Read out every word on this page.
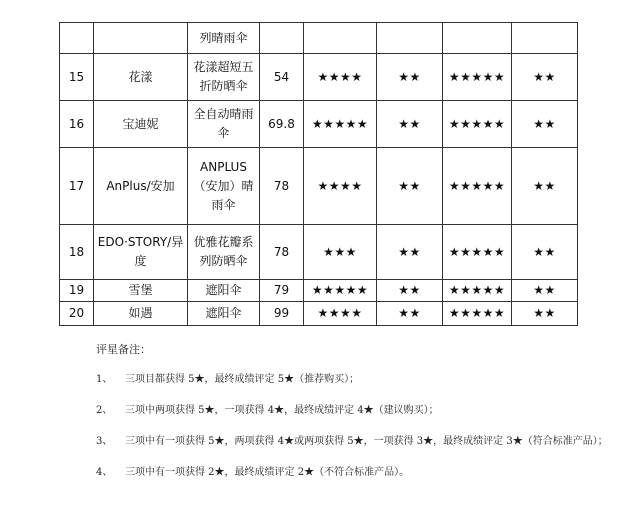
		列晴雨伞					
15	花漾	花漾超短五折防晒伞	54	★★★★	★★	★★★★★	★★
16	宝迪妮	全自动晴雨伞	69.8	★★★★★	★★	★★★★★	★★
17	AnPlus/安加	ANPLUS（安加）晴雨伞	78	★★★★	★★	★★★★★	★★
18	EDO·STORY/异度	优雅花瓣系列防晒伞	78	★★★	★★	★★★★★	★★
19	雪堡	遮阳伞	79	★★★★★	★★	★★★★★	★★
20	如遇	遮阳伞	99	★★★★	★★	★★★★★	★★
评星备注：
1、	三项目都获得 5★，最终成绩评定 5★（推荐购买）；
2、	三项中两项获得 5★，一项获得 4★，最终成绩评定 4★（建议购买）；
3、	三项中有一项获得 5★，两项获得 4★或两项获得 5★，一项获得 3★，最终成绩评定 3★（符合标准产品）；
4、	三项中有一项获得 2★，最终成绩评定 2★（不符合标准产品）。
